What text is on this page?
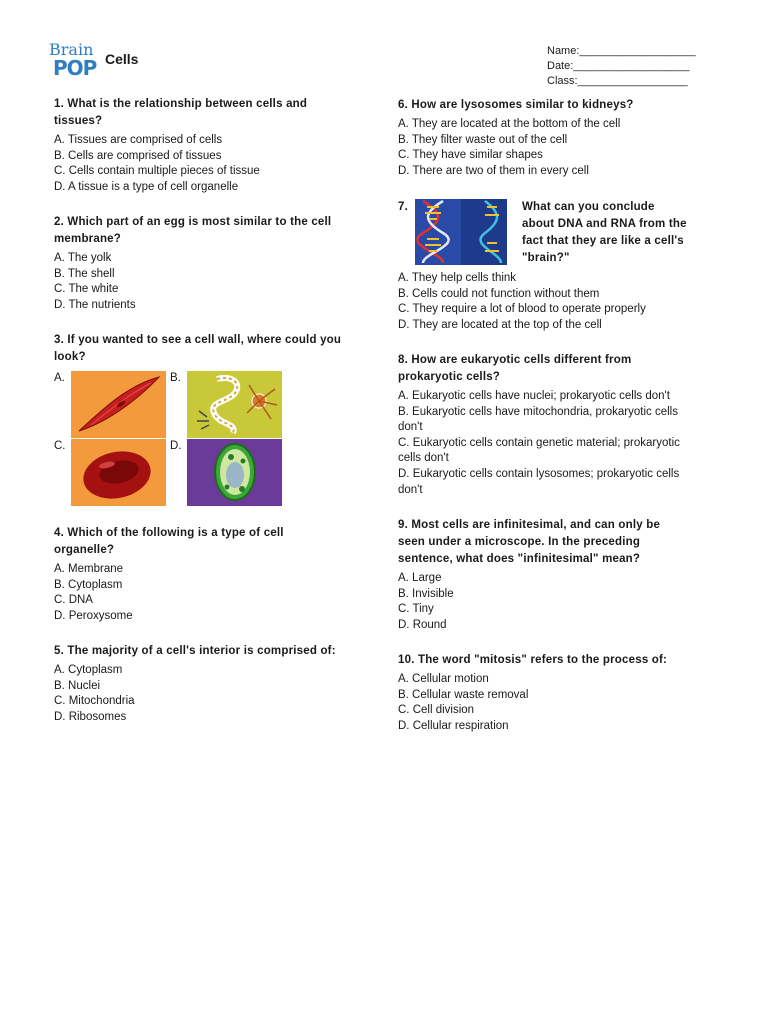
Brain
POP Cells	Name:___________________
Date:___________________
Class:__________________
1. What is the relationship between cells and
tissues?
A. Tissues are comprised of cells
B. Cells are comprised of tissues
C. Cells contain multiple pieces of tissue
D. A tissue is a type of cell organelle
2. Which part of an egg is most similar to the cell
membrane?
A. The yolk
B. The shell
C. The white
D. The nutrients
3. If you wanted to see a cell wall, where could you
look?
A.	B.
C.	D.
4. Which of the following is a type of cell
organelle?
A. Membrane
B. Cytoplasm
C. DNA
D. Peroxysome
5. The majority of a cell's interior is comprised of:
A. Cytoplasm
B. Nuclei
C. Mitochondria
D. Ribosomes
6. How are lysosomes similar to kidneys?
A. They are located at the bottom of the cell
B. They filter waste out of the cell
C. They have similar shapes
D. There are two of them in every cell
7.	What can you conclude
about DNA and RNA from the
fact that they are like a cell's
"brain?"
A. They help cells think
B. Cells could not function without them
C. They require a lot of blood to operate properly
D. They are located at the top of the cell
8. How are eukaryotic cells different from
prokaryotic cells?
A. Eukaryotic cells have nuclei; prokaryotic cells don't
B. Eukaryotic cells have mitochondria, prokaryotic cells
don't
C. Eukaryotic cells contain genetic material; prokaryotic
cells don't
D. Eukaryotic cells contain lysosomes; prokaryotic cells
don't
9. Most cells are infinitesimal, and can only be
seen under a microscope. In the preceding
sentence, what does "infinitesimal" mean?
A. Large
B. Invisible
C. Tiny
D. Round
10. The word "mitosis" refers to the process of:
A. Cellular motion
B. Cellular waste removal
C. Cell division
D. Cellular respiration
